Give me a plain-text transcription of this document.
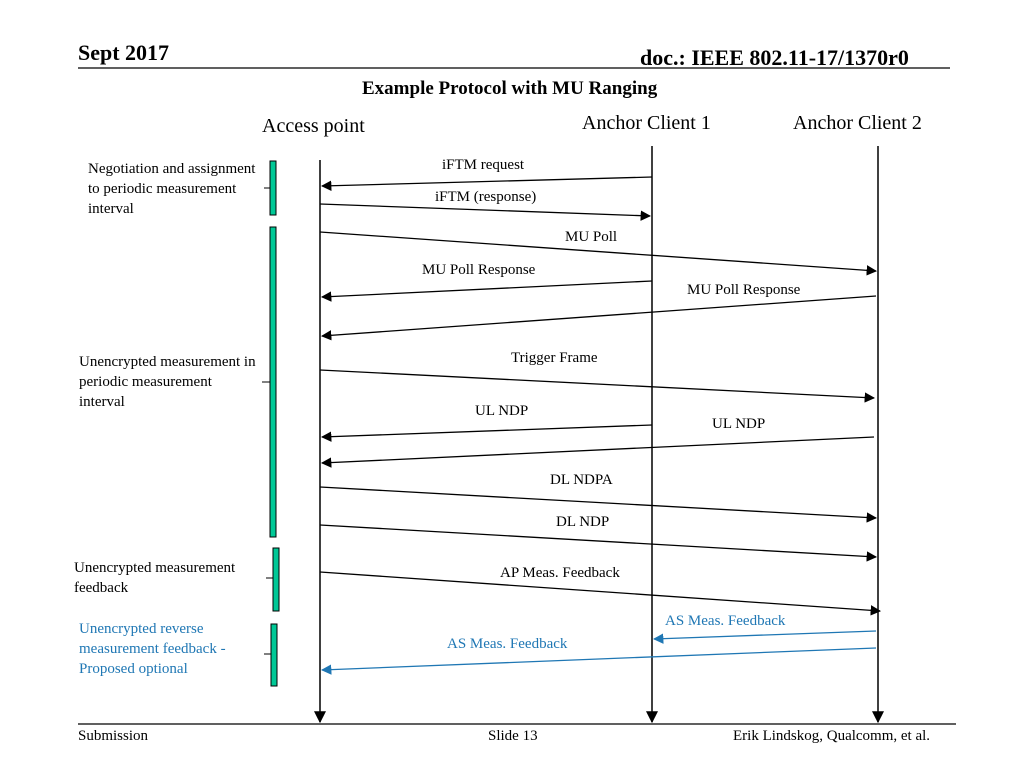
Sept 2017	doc.: IEEE 802.11-17/1370r0
Example Protocol with MU Ranging
Access point	Anchor Client 1	Anchor Client 2
Negotiation and assignment to periodic measurement interval
Unencrypted measurement in periodic measurement interval
Unencrypted measurement feedback
Unencrypted reverse measurement feedback - Proposed optional
iFTM request
iFTM (response)
MU Poll
MU Poll Response
MU Poll Response
Trigger Frame
UL NDP
UL NDP
DL NDPA
DL NDP
AP Meas. Feedback
AS Meas. Feedback
AS Meas. Feedback
Submission	Slide 13	Erik Lindskog, Qualcomm, et al.
